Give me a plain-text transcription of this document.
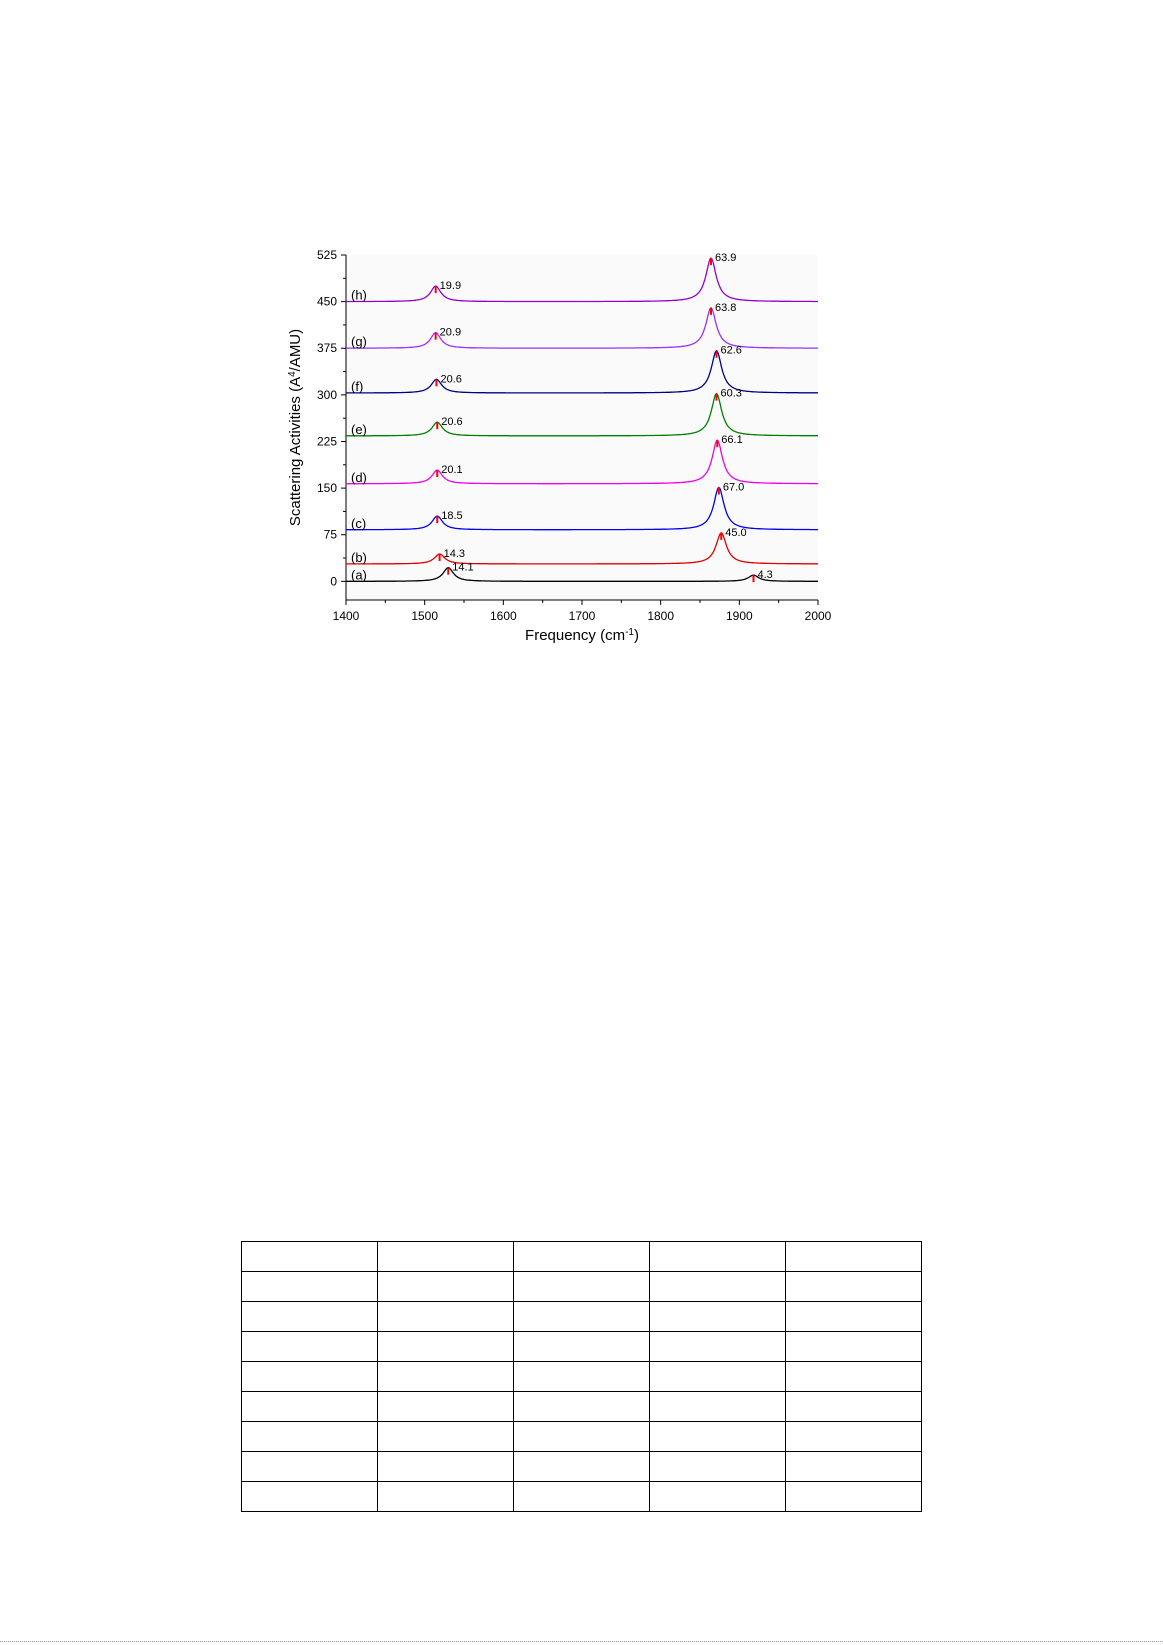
0
75
150
225
300
375
450
525
1400	1500	1600	1700	1800	1900	2000
Frequency $(cm^{-1})$
Scattering Activities $(A^4/AMU)$
(a)	14.1
4.3
(b)	14.3
45.0
(c)	18.5
67.0
(d)	20.1
66.1
(e)	20.6
60.3
(f)	20.6
62.6
(g)
20.9
63.8
(h)
19.9
63.9
